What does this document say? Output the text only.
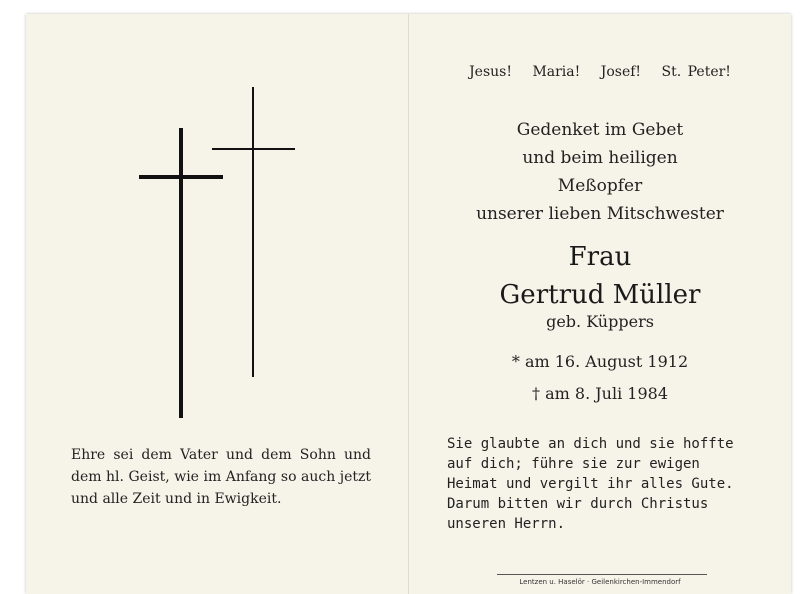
Ehre sei dem Vater und dem Sohn und dem hl. Geist, wie im Anfang so auch jetzt und alle Zeit und in Ewigkeit.
Jesus! Maria! Josef! St. Peter!
Gedenket im Gebet
und beim heiligen
Meßopfer
unserer lieben Mitschwester
Frau
Gertrud Müller
geb. Küppers
* am 16. August 1912
† am 8. Juli 1984
Sie glaubte an dich und sie hoffte
auf dich; führe sie zur ewigen
Heimat und vergilt ihr alles Gute.
Darum bitten wir durch Christus
unseren Herrn.
Lentzen u. Haselör · Geilenkirchen-Immendorf
